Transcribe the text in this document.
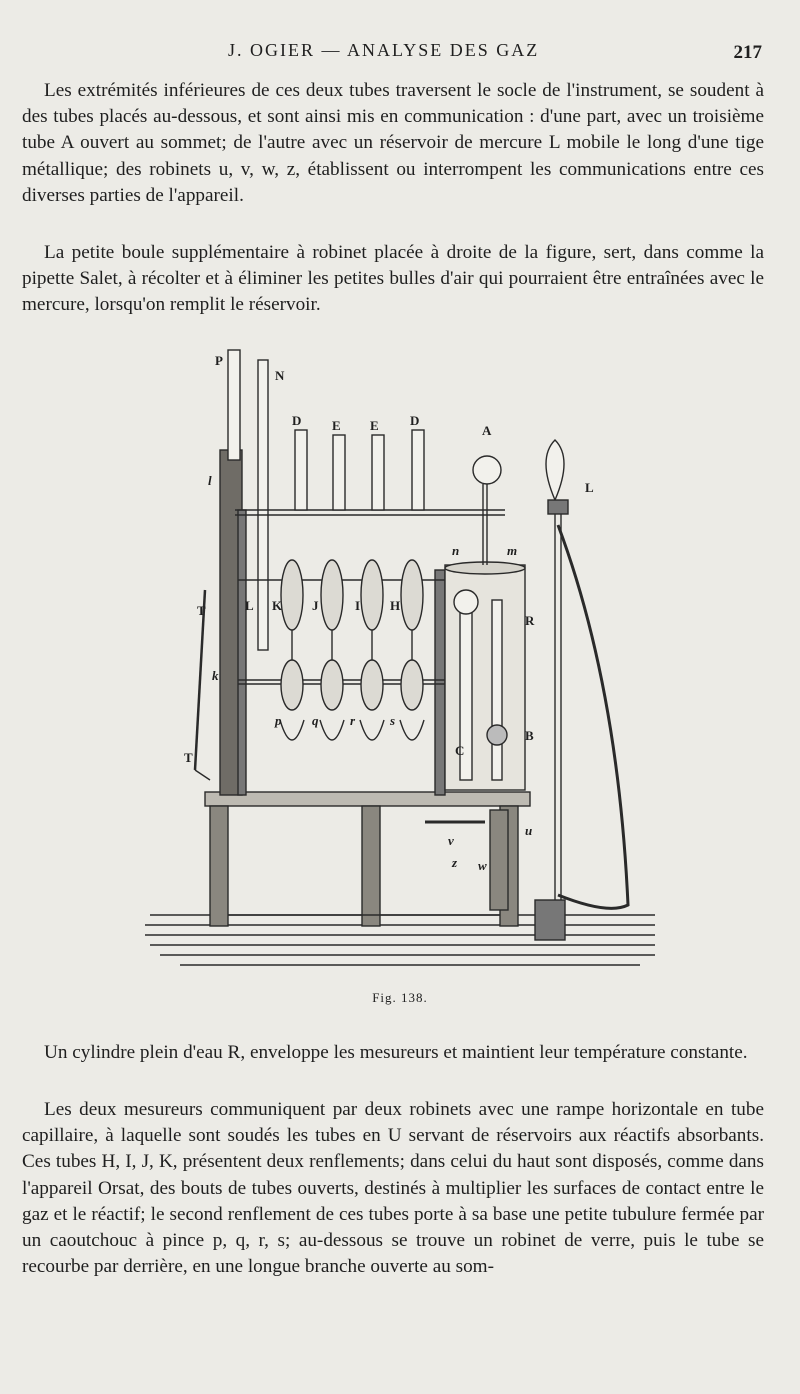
J. OGIER — ANALYSE DES GAZ	217

Les extrémités inférieures de ces deux tubes traversent le socle de l'instrument, se soudent à des tubes placés au-dessous, et sont ainsi mis en communication : d'une part, avec un troisième tube A ouvert au sommet; de l'autre avec un réservoir de mercure L mobile le long d'une tige métallique; des robinets u, v, w, z, établissent ou interrompent les communications entre ces diverses parties de l'appareil.

La petite boule supplémentaire à robinet placée à droite de la figure, sert, dans comme la pipette Salet, à récolter et à éliminer les petites bulles d'air qui pourraient être entraînées avec le mercure, lorsqu'on remplit le réservoir.

P
N
D E E D
A
L
l
n	m
R
T	L K J	I H
k
T	C
B
v
u
z w
p q r	s
Fig. 138.

Un cylindre plein d'eau R, enveloppe les mesureurs et maintient leur température constante.

Les deux mesureurs communiquent par deux robinets avec une rampe horizontale en tube capillaire, à laquelle sont soudés les tubes en U servant de réservoirs aux réactifs absorbants. Ces tubes H, I, J, K, présentent deux renflements; dans celui du haut sont disposés, comme dans l'appareil Orsat, des bouts de tubes ouverts, destinés à multiplier les surfaces de contact entre le gaz et le réactif; le second renflement de ces tubes porte à sa base une petite tubulure fermée par un caoutchouc à pince p, q, r, s; au-dessous se trouve un robinet de verre, puis le tube se recourbe par derrière, en une longue branche ouverte au som-
